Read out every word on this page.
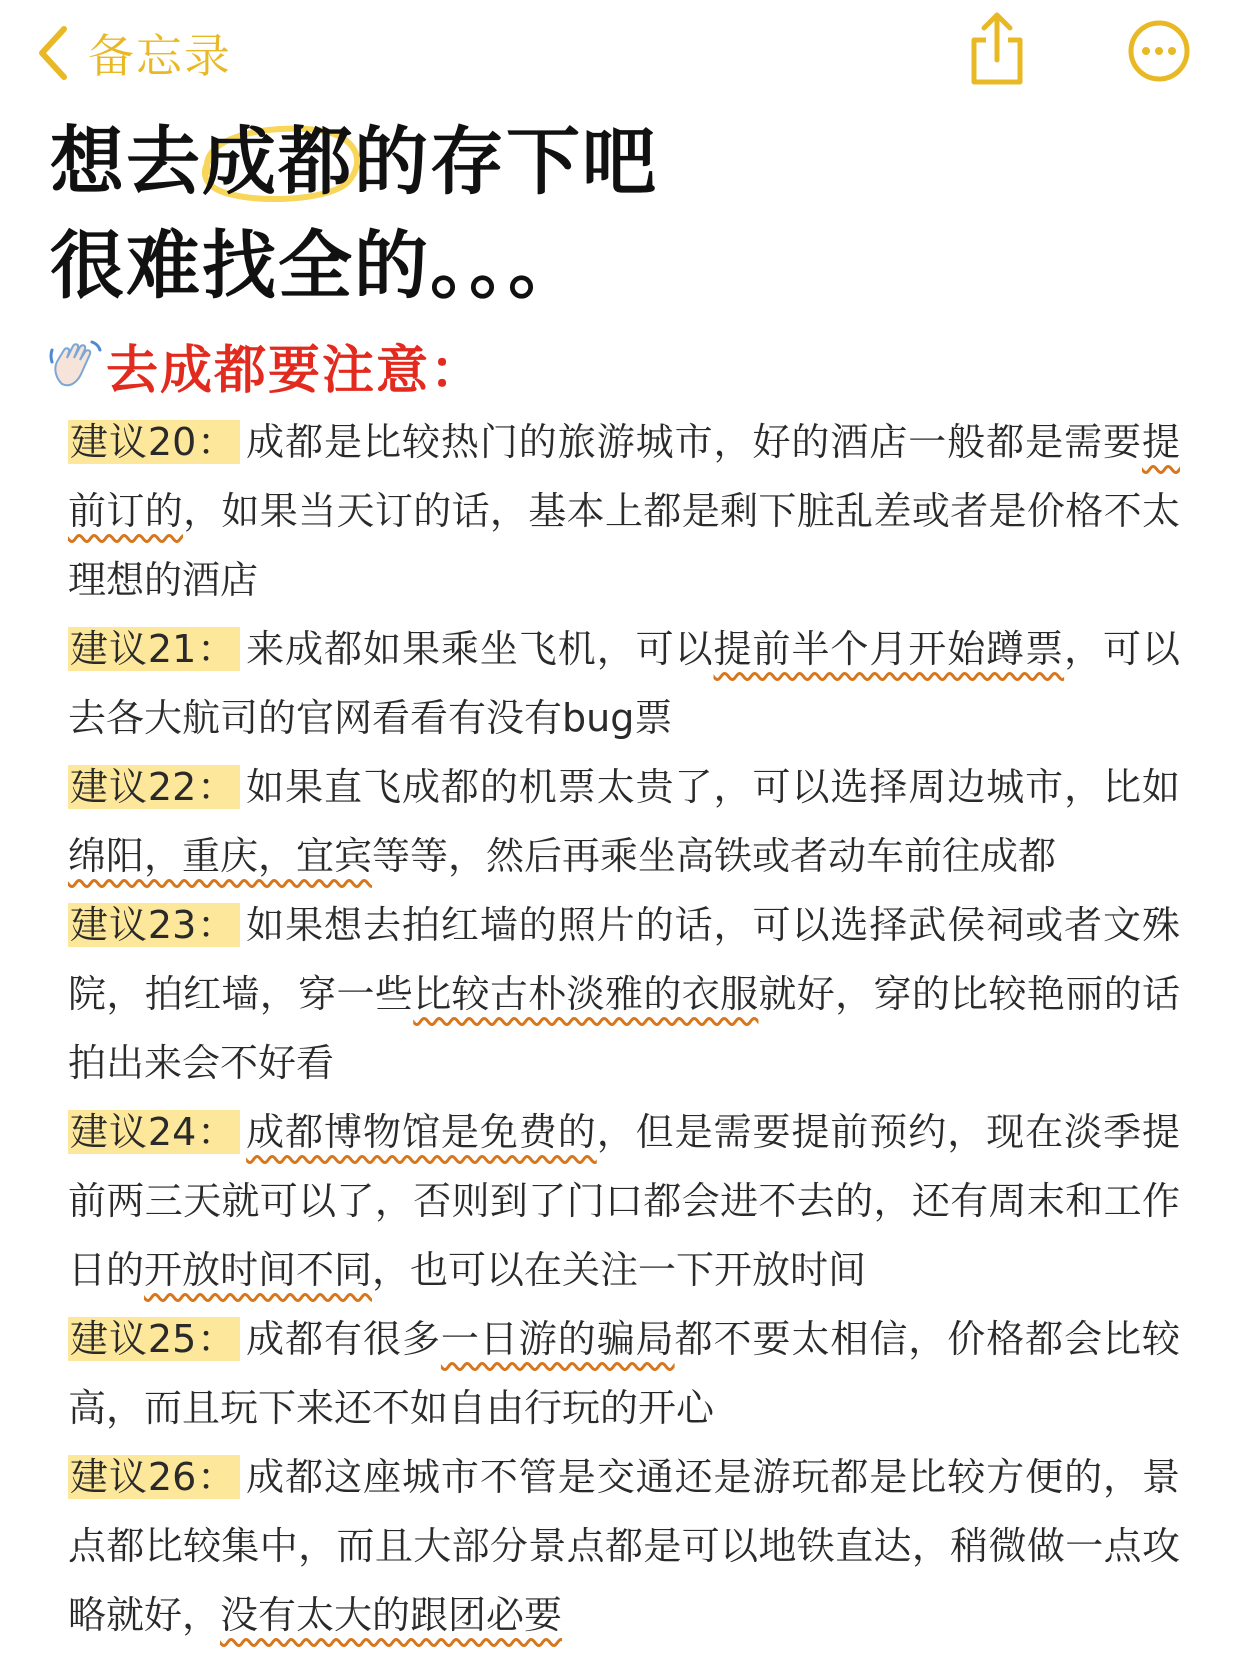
备忘录
想去
成都的存下吧
很难找全的。。。
去成都要注意：

建议20： 成都是比较热门的旅游城市，好的酒店一般都是需要提前订的，如果当天订的话，基本上都是剩下脏乱差或者是价格不太理想的酒店

建议21： 来成都如果乘坐飞机，可以提前半个月开始蹲票，可以去各大航司的官网看看有没有bug票

建议22： 如果直飞成都的机票太贵了，可以选择周边城市，比如绵阳，重庆，宜宾等等，然后再乘坐高铁或者动车前往成都

建议23： 如果想去拍红墙的照片的话，可以选择武侯祠或者文殊院，拍红墙，穿一些比较古朴淡雅的衣服就好，穿的比较艳丽的话拍出来会不好看

建议24： 成都博物馆是免费的，但是需要提前预约，现在淡季提前两三天就可以了，否则到了门口都会进不去的，还有周末和工作日的开放时间不同，也可以在关注一下开放时间

建议25： 成都有很多一日游的骗局都不要太相信，价格都会比较高，而且玩下来还不如自由行玩的开心

建议26： 成都这座城市不管是交通还是游玩都是比较方便的，景点都比较集中，而且大部分景点都是可以地铁直达，稍微做一点攻略就好，没有太大的跟团必要
